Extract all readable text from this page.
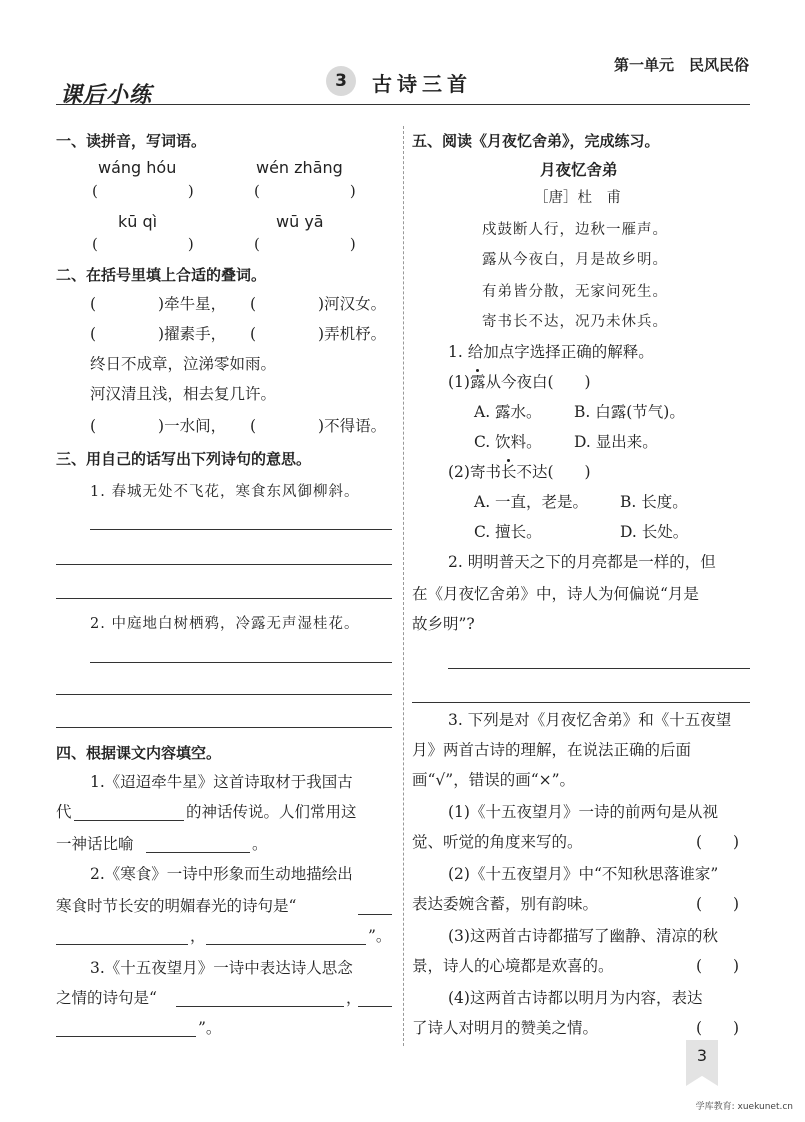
第一单元　民风民俗
课后小练
3	古诗三首
一、读拼音，写词语。
wáng hóu
(　　　　　　)
wén zhāng
(　　　　　　)
kū qì
(　　　　　　)
wū yā
(　　　　　　)
二、在括号里填上合适的叠词。
(　　　　)牵牛星， (　　　　)河汉女。
(　　　　)擢素手， (　　　　)弄机杼。
终日不成章，泣涕零如雨。
河汉清且浅，相去复几许。
(　　　　)一水间， (　　　　)不得语。
三、用自己的话写出下列诗句的意思。
1. 春城无处不飞花，寒食东风御柳斜。
2. 中庭地白树栖鸦，冷露无声湿桂花。
四、根据课文内容填空。
1.《迢迢牵牛星》这首诗取材于我国古
代	的神话传说。人们常用这
一神话比喻	。
2.《寒食》一诗中形象而生动地描绘出
寒食时节长安的明媚春光的诗句是“
，	”。
3.《十五夜望月》一诗中表达诗人思念
之情的诗句是“	，
”。
五、阅读《月夜忆舍弟》，完成练习。
月夜忆舍弟
［唐］杜　甫
戍鼓断人行，边秋一雁声。
露从今夜白，月是故乡明。
有弟皆分散，无家问死生。
寄书长不达，况乃未休兵。
1. 给加点字选择正确的解释。
(1)露从今夜白(　　)
A. 露水。 B. 白露(节气)。
C. 饮料。 D. 显出来。
(2)寄书长不达(　　)
A. 一直，老是。 B. 长度。
C. 擅长。	D. 长处。
2. 明明普天之下的月亮都是一样的，但
在《月夜忆舍弟》中，诗人为何偏说“月是
故乡明”?
3. 下列是对《月夜忆舍弟》和《十五夜望
月》两首古诗的理解，在说法正确的后面
画“√”，错误的画“×”。
(1)《十五夜望月》一诗的前两句是从视
觉、听觉的角度来写的。	(　　)
(2)《十五夜望月》中“不知秋思落谁家”
表达委婉含蓄，别有韵味。	(　　)
(3)这两首古诗都描写了幽静、清凉的秋
景，诗人的心境都是欢喜的。	(　　)
(4)这两首古诗都以明月为内容，表达
了诗人对明月的赞美之情。	(　　)
3
学库教育: xuekunet.cn
